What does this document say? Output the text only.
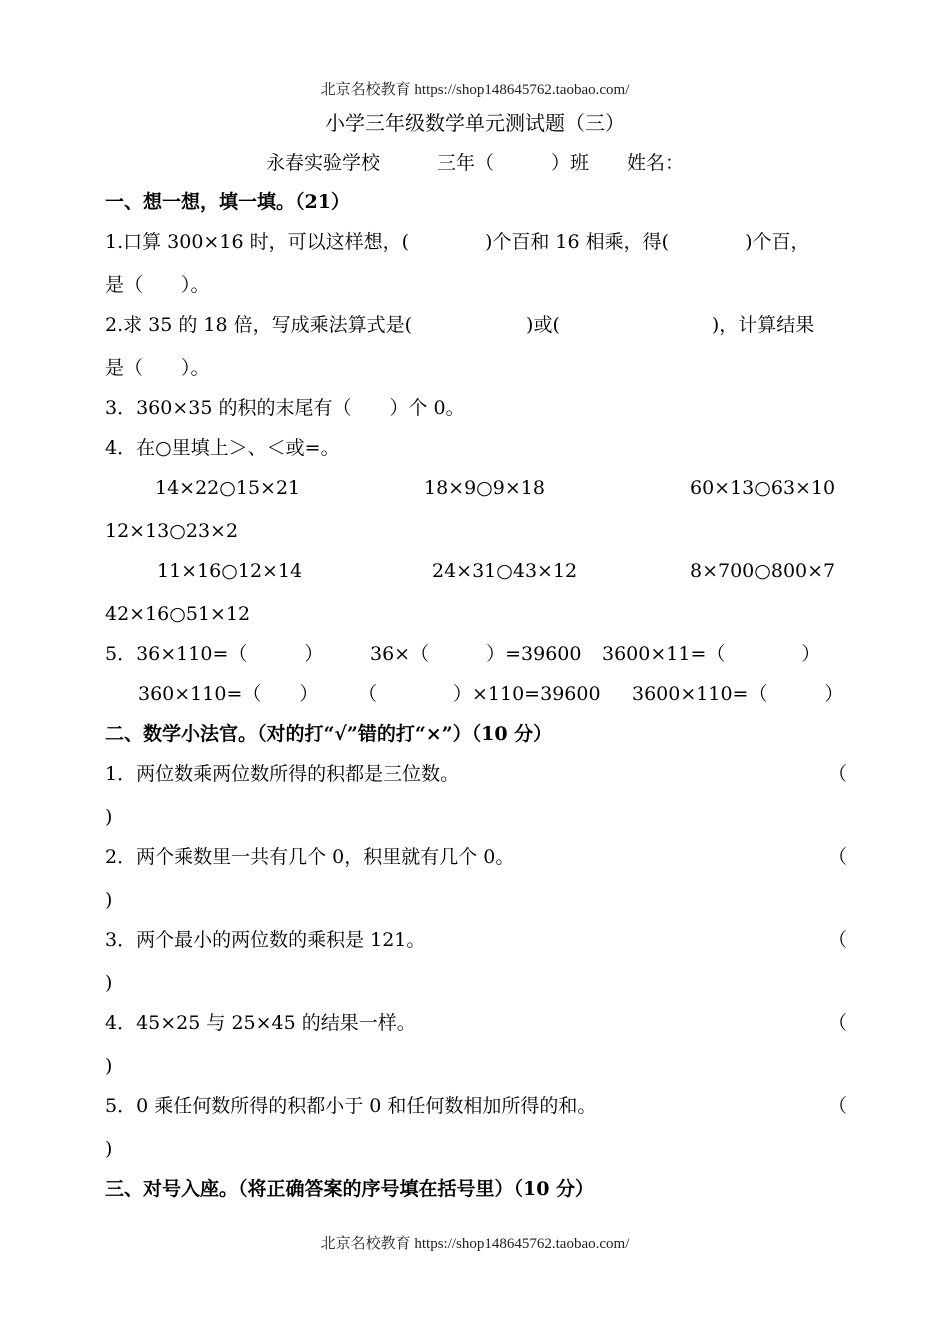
北京名校教育 https://shop148645762.taobao.com/
小学三年级数学单元测试题（三）
永春实验学校　　　三年（　　　）班　　姓名：
一、想一想，填一填。（21）
1.口算 300×16 时，可以这样想，(　　　　)个百和 16 相乘，得(　　　　)个百，
是（　　）。
2.求 35 的 18 倍，写成乘法算式是(　　　　　　)或(　　　　　　　　)，计算结果
是（　　）。
3．360×35 的积的末尾有（　　）个 0。
4．在○里填上＞、＜或=。
14×22○15×21	18×9○9×18	60×13○63×10
12×13○23×2
11×16○12×14	24×31○43×12	8×700○800×7
42×16○51×12
5．36×110=（　　　） 36×（　　　）=39600 3600×11=（　　　　）
360×110=（　　） （　　　　）×110=39600 3600×110=（　　　）
二、数学小法官。（对的打“√”错的打“×”）（10 分）
1．两位数乘两位数所得的积都是三位数。	（
)
2．两个乘数里一共有几个 0，积里就有几个 0。	（
)
3．两个最小的两位数的乘积是 121。	（
)
4．45×25 与 25×45 的结果一样。	（
)
5．0 乘任何数所得的积都小于 0 和任何数相加所得的和。	（
)
三、对号入座。（将正确答案的序号填在括号里）（10 分）
北京名校教育 https://shop148645762.taobao.com/
